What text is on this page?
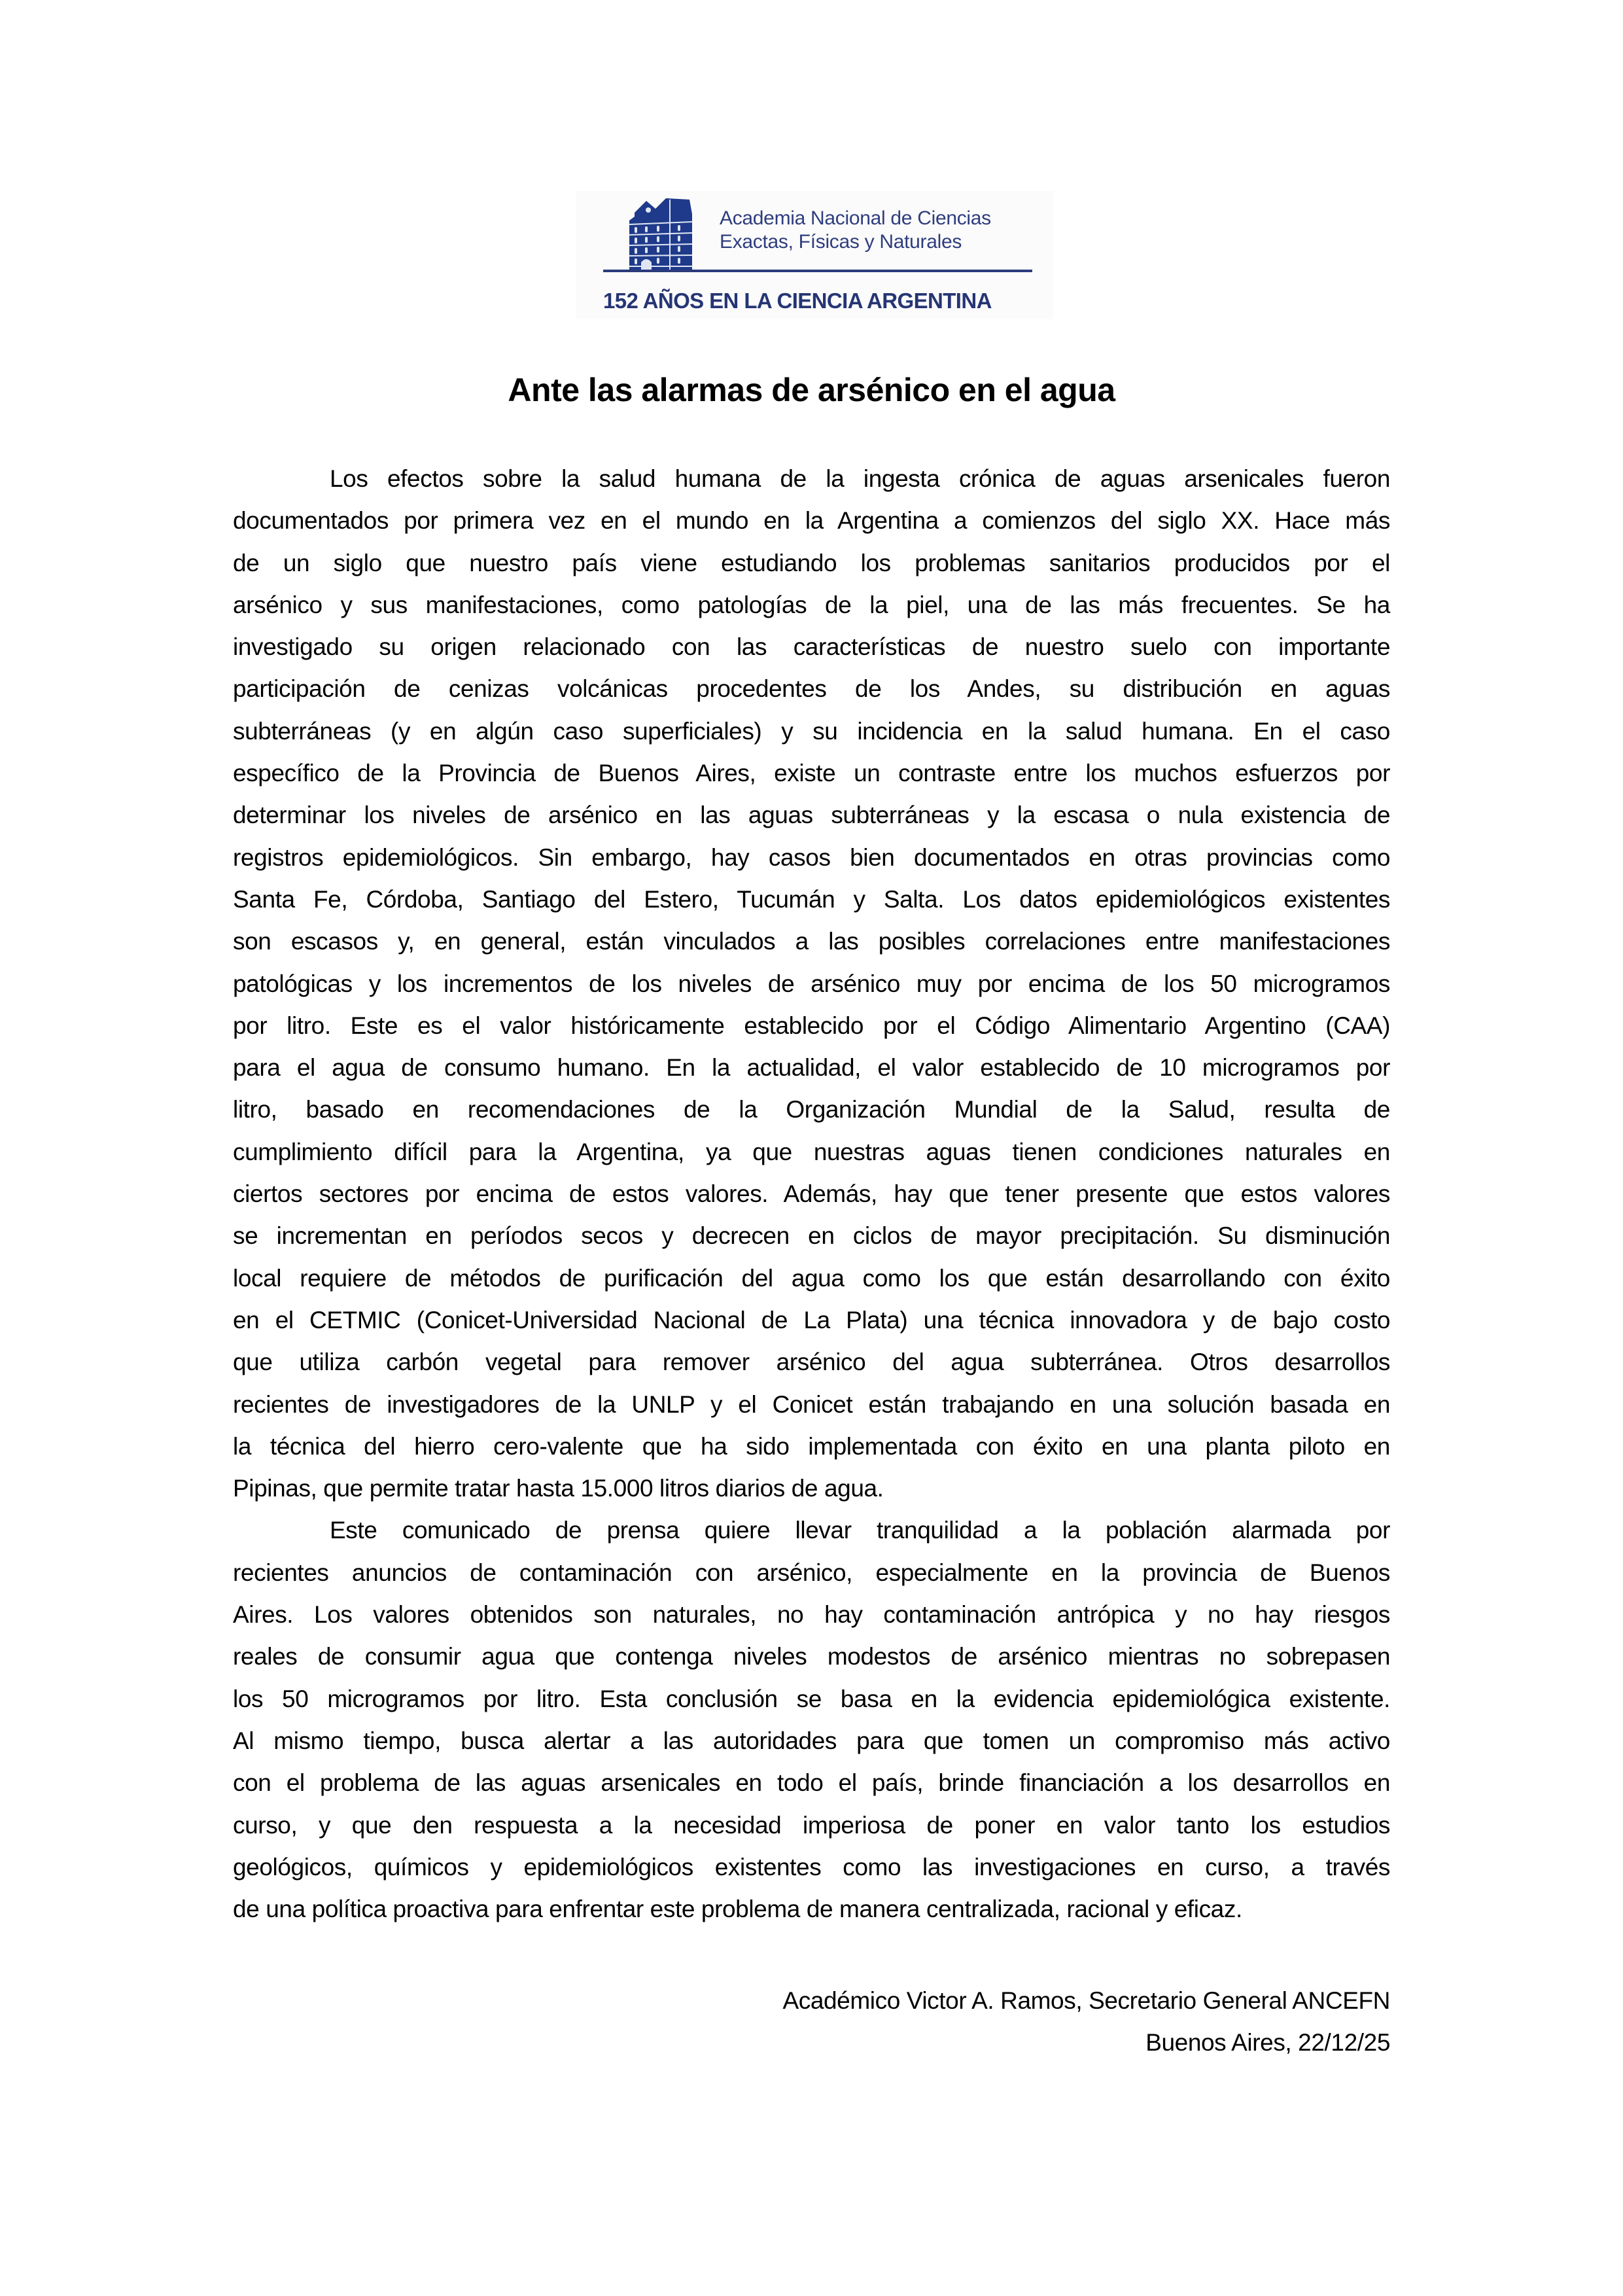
Academia Nacional de Ciencias
Exactas, Físicas y Naturales
152 AÑOS EN LA CIENCIA ARGENTINA
Ante las alarmas de arsénico en el agua
Los efectos sobre la salud humana de la ingesta crónica de aguas arsenicales fueron
documentados por primera vez en el mundo en la Argentina a comienzos del siglo XX. Hace más
de un siglo que nuestro país viene estudiando los problemas sanitarios producidos por el
arsénico y sus manifestaciones, como patologías de la piel, una de las más frecuentes. Se ha
investigado su origen relacionado con las características de nuestro suelo con importante
participación de cenizas volcánicas procedentes de los Andes, su distribución en aguas
subterráneas (y en algún caso superficiales) y su incidencia en la salud humana. En el caso
específico de la Provincia de Buenos Aires, existe un contraste entre los muchos esfuerzos por
determinar los niveles de arsénico en las aguas subterráneas y la escasa o nula existencia de
registros epidemiológicos. Sin embargo, hay casos bien documentados en otras provincias como
Santa Fe, Córdoba, Santiago del Estero, Tucumán y Salta. Los datos epidemiológicos existentes
son escasos y, en general, están vinculados a las posibles correlaciones entre manifestaciones
patológicas y los incrementos de los niveles de arsénico muy por encima de los 50 microgramos
por litro. Este es el valor históricamente establecido por el Código Alimentario Argentino (CAA)
para el agua de consumo humano. En la actualidad, el valor establecido de 10 microgramos por
litro, basado en recomendaciones de la Organización Mundial de la Salud, resulta de
cumplimiento difícil para la Argentina, ya que nuestras aguas tienen condiciones naturales en
ciertos sectores por encima de estos valores. Además, hay que tener presente que estos valores
se incrementan en períodos secos y decrecen en ciclos de mayor precipitación. Su disminución
local requiere de métodos de purificación del agua como los que están desarrollando con éxito
en el CETMIC (Conicet-Universidad Nacional de La Plata) una técnica innovadora y de bajo costo
que utiliza carbón vegetal para remover arsénico del agua subterránea. Otros desarrollos
recientes de investigadores de la UNLP y el Conicet están trabajando en una solución basada en
la técnica del hierro cero-valente que ha sido implementada con éxito en una planta piloto en
Pipinas, que permite tratar hasta 15.000 litros diarios de agua.
Este comunicado de prensa quiere llevar tranquilidad a la población alarmada por
recientes anuncios de contaminación con arsénico, especialmente en la provincia de Buenos
Aires. Los valores obtenidos son naturales, no hay contaminación antrópica y no hay riesgos
reales de consumir agua que contenga niveles modestos de arsénico mientras no sobrepasen
los 50 microgramos por litro. Esta conclusión se basa en la evidencia epidemiológica existente.
Al mismo tiempo, busca alertar a las autoridades para que tomen un compromiso más activo
con el problema de las aguas arsenicales en todo el país, brinde financiación a los desarrollos en
curso, y que den respuesta a la necesidad imperiosa de poner en valor tanto los estudios
geológicos, químicos y epidemiológicos existentes como las investigaciones en curso, a través
de una política proactiva para enfrentar este problema de manera centralizada, racional y eficaz.
Académico Victor A. Ramos, Secretario General ANCEFN
Buenos Aires, 22/12/25
